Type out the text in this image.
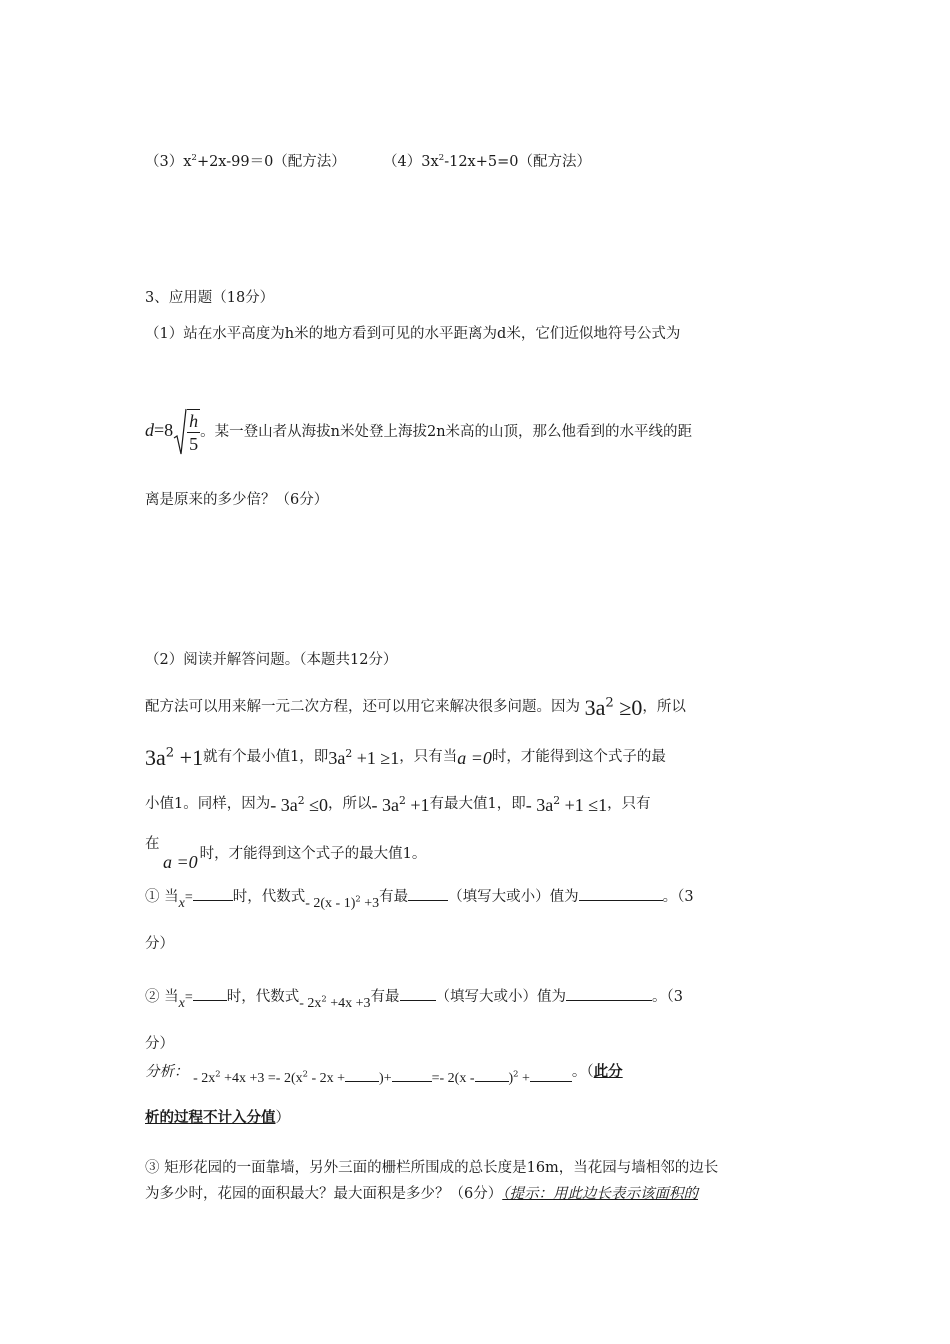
$(3)x^2+2x-99=0$（配方法）	$(4)3x^2-12x+5=0$（配方法）
3、应用题（18分）
（1）站在水平高度为h米的地方看到可见的水平距离为d米，它们近似地符号公式为
$d=8 \frac{h}{5}$ 。某一登山者从海拔n米处登上海拔2n米高的山顶，那么他看到的水平线的距
离是原来的多少倍？（6分）
（2）阅读并解答问题。（本题共12分）
配方法可以用来解一元二次方程，还可以用它来解决很多问题。因为 $3a^2 \ge 0$，所以
$3a^2 +1$就有个最小值1，即$3a^2 +1 \ge 1$，只有当a =0时，才能得到这个式子的最
小值1。同样，因为- $3a^2 \le 0$，所以- $3a^2 +1$有最大值1，即- $3a^2 +1 \le 1$，只有
在
a =0 时，才能得到这个式子的最大值1。
① 当x=	时，代数式- 2(x - 1)$^2$ +3有最	（填写大或小）值为	。（3
分）
② 当x= 时，代数式- $2x^2 +4x +3$有最 （填写大或小）值为	。（3
分）
分析： - $2x^2 +4x +3 =- 2(x^2 - 2x$ + )+	=- 2(x - )$^2$ +	。（此分
析的过程不计入分值）
③ 矩形花园的一面靠墙，另外三面的栅栏所围成的总长度是16m，当花园与墙相邻的边长
为多少时，花园的面积最大？最大面积是多少？（6分）（提示：用此边长表示该面积的
